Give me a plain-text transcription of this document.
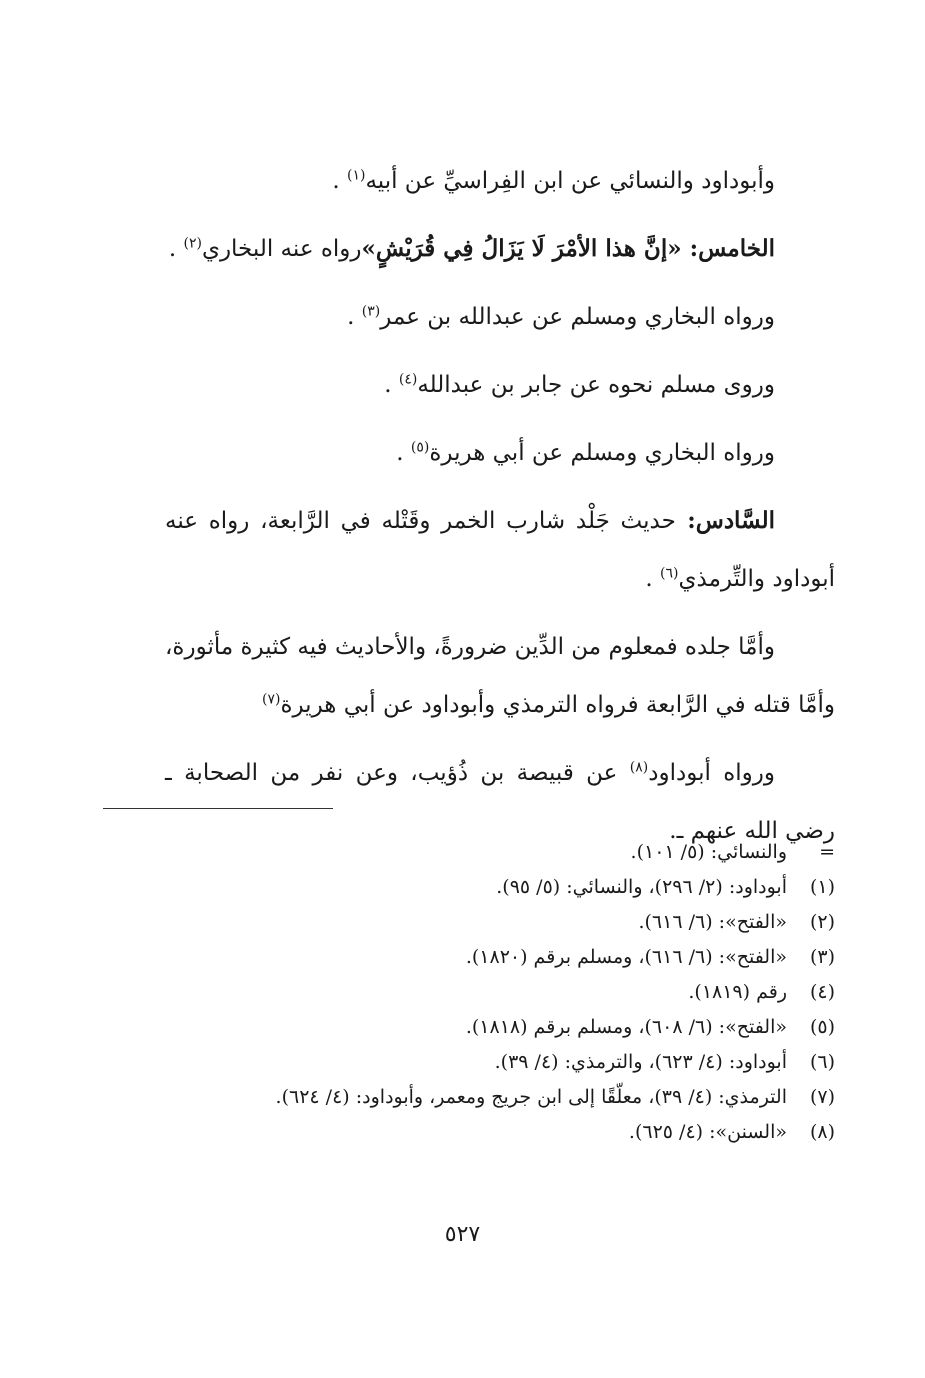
وأبوداود والنسائي عن ابن الفِراسيِّ عن أبيه$^{(١)}$ .

الخامس: «إنَّ هذا الأمْرَ لَا يَزَالُ فِي قُرَيْشٍ»رواه عنه البخاري$^{(٢)}$ .

ورواه البخاري ومسلم عن عبدالله بن عمر$^{(٣)}$ .

وروى مسلم نحوه عن جابر بن عبدالله$^{(٤)}$ .

ورواه البخاري ومسلم عن أبي هريرة$^{(٥)}$ .

السَّادس: حديث جَلْد شارب الخمر وقَتْله في الرَّابعة، رواه عنه أبوداود والتِّرمذي$^{(٦)}$ .

وأمَّا جلده فمعلوم من الدِّين ضرورةً، والأحاديث فيه كثيرة مأثورة، وأمَّا قتله في الرَّابعة فرواه الترمذي وأبوداود عن أبي هريرة$^{(٧)}$

ورواه أبوداود$^{(٨)}$ عن قبيصة بن ذُؤيب، وعن نفر من الصحابة ـ رضي الله عنهم ـ.

=
والنسائي: (٥/ ١٠١).
(١)
أبوداود: (٢/ ٢٩٦)، والنسائي: (٥/ ٩٥).
(٢)
«الفتح»: (٦/ ٦١٦).
(٣)
«الفتح»: (٦/ ٦١٦)، ومسلم برقم (١٨٢٠).
(٤)
رقم (١٨١٩).
(٥)
«الفتح»: (٦/ ٦٠٨)، ومسلم برقم (١٨١٨).
(٦)
أبوداود: (٤/ ٦٢٣)، والترمذي: (٤/ ٣٩).
(٧)
الترمذي: (٤/ ٣٩)، معلّقًا إلى ابن جريج ومعمر، وأبوداود: (٤/ ٦٢٤).
(٨)
«السنن»: (٤/ ٦٢٥).
٥٢٧
